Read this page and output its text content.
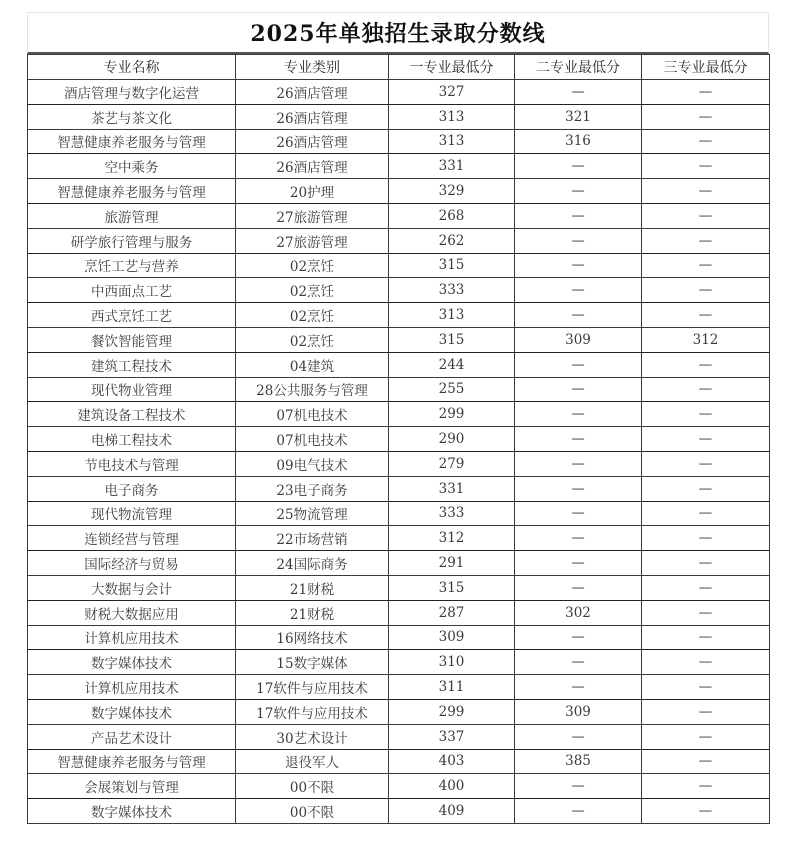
2025年单独招生录取分数线
专业名称	专业类别	一专业最低分	二专业最低分	三专业最低分
酒店管理与数字化运营	26酒店管理	327	—	—
茶艺与茶文化	26酒店管理	313	321	—
智慧健康养老服务与管理	26酒店管理	313	316	—
空中乘务	26酒店管理	331	—	—
智慧健康养老服务与管理	20护理	329	—	—
旅游管理	27旅游管理	268	—	—
研学旅行管理与服务	27旅游管理	262	—	—
烹饪工艺与营养	02烹饪	315	—	—
中西面点工艺	02烹饪	333	—	—
西式烹饪工艺	02烹饪	313	—	—
餐饮智能管理	02烹饪	315	309	312
建筑工程技术	04建筑	244	—	—
现代物业管理	28公共服务与管理	255	—	—
建筑设备工程技术	07机电技术	299	—	—
电梯工程技术	07机电技术	290	—	—
节电技术与管理	09电气技术	279	—	—
电子商务	23电子商务	331	—	—
现代物流管理	25物流管理	333	—	—
连锁经营与管理	22市场营销	312	—	—
国际经济与贸易	24国际商务	291	—	—
大数据与会计	21财税	315	—	—
财税大数据应用	21财税	287	302	—
计算机应用技术	16网络技术	309	—	—
数字媒体技术	15数字媒体	310	—	—
计算机应用技术	17软件与应用技术	311	—	—
数字媒体技术	17软件与应用技术	299	309	—
产品艺术设计	30艺术设计	337	—	—
智慧健康养老服务与管理	退役军人	403	385	—
会展策划与管理	00不限	400	—	—
数字媒体技术	00不限	409	—	—
